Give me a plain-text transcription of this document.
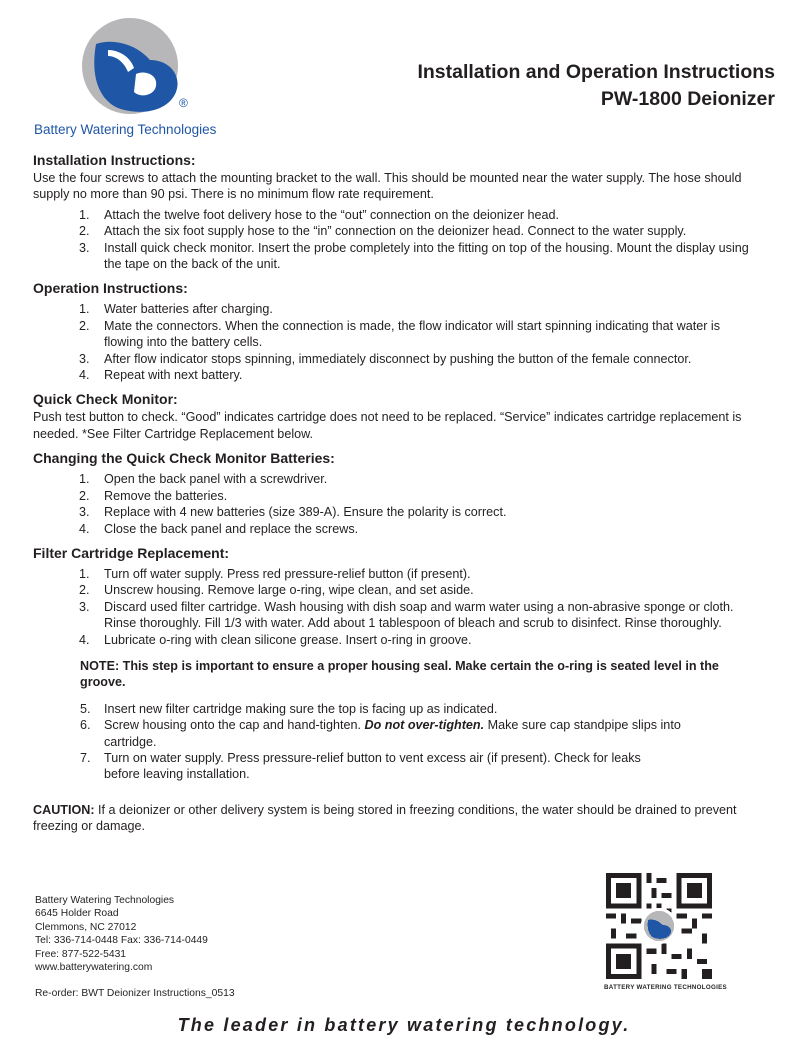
®
Battery Watering Technologies
Installation and Operation Instructions
PW-1800 Deionizer
Installation Instructions:

Use the four screws to attach the mounting bracket to the wall. This should be mounted near the water supply. The hose should supply no more than 90 psi. There is no minimum flow rate requirement.

1. Attach the twelve foot delivery hose to the “out” connection on the deionizer head.
2. Attach the six foot supply hose to the “in” connection on the deionizer head. Connect to the water supply.
3. Install quick check monitor. Insert the probe completely into the fitting on top of the housing. Mount the display using the tape on the back of the unit.
Operation Instructions:
1. Water batteries after charging.
2. Mate the connectors. When the connection is made, the flow indicator will start spinning indicating that water is flowing into the battery cells.
3. After flow indicator stops spinning, immediately disconnect by pushing the button of the female connector.
4. Repeat with next battery.
Quick Check Monitor:

Push test button to check. “Good” indicates cartridge does not need to be replaced. “Service” indicates cartridge replacement is needed. *See Filter Cartridge Replacement below.

Changing the Quick Check Monitor Batteries:
1. Open the back panel with a screwdriver.
2. Remove the batteries.
3. Replace with 4 new batteries (size 389-A). Ensure the polarity is correct.
4. Close the back panel and replace the screws.
Filter Cartridge Replacement:
1. Turn off water supply. Press red pressure-relief button (if present).
2. Unscrew housing. Remove large o-ring, wipe clean, and set aside.
3. Discard used filter cartridge. Wash housing with dish soap and warm water using a non-abrasive sponge or cloth. Rinse thoroughly. Fill 1/3 with water. Add about 1 tablespoon of bleach and scrub to disinfect. Rinse thoroughly.
4. Lubricate o-ring with clean silicone grease. Insert o-ring in groove.

NOTE: This step is important to ensure a proper housing seal. Make certain the o-ring is seated level in the groove.

5. Insert new filter cartridge making sure the top is facing up as indicated.
6. Screw housing onto the cap and hand-tighten. Do not over-tighten. Make sure cap standpipe slips into cartridge.
7. Turn on water supply. Press pressure-relief button to vent excess air (if present). Check for leaks before leaving installation.

CAUTION: If a deionizer or other delivery system is being stored in freezing conditions, the water should be drained to prevent freezing or damage.

Battery Watering Technologies
6645 Holder Road
Clemmons, NC 27012
Tel: 336-714-0448 Fax: 336-714-0449
Free: 877-522-5431
www.batterywatering.com
Re-order: BWT Deionizer Instructions_0513
BATTERY WATERING TECHNOLOGIES
The leader in battery watering technology.
